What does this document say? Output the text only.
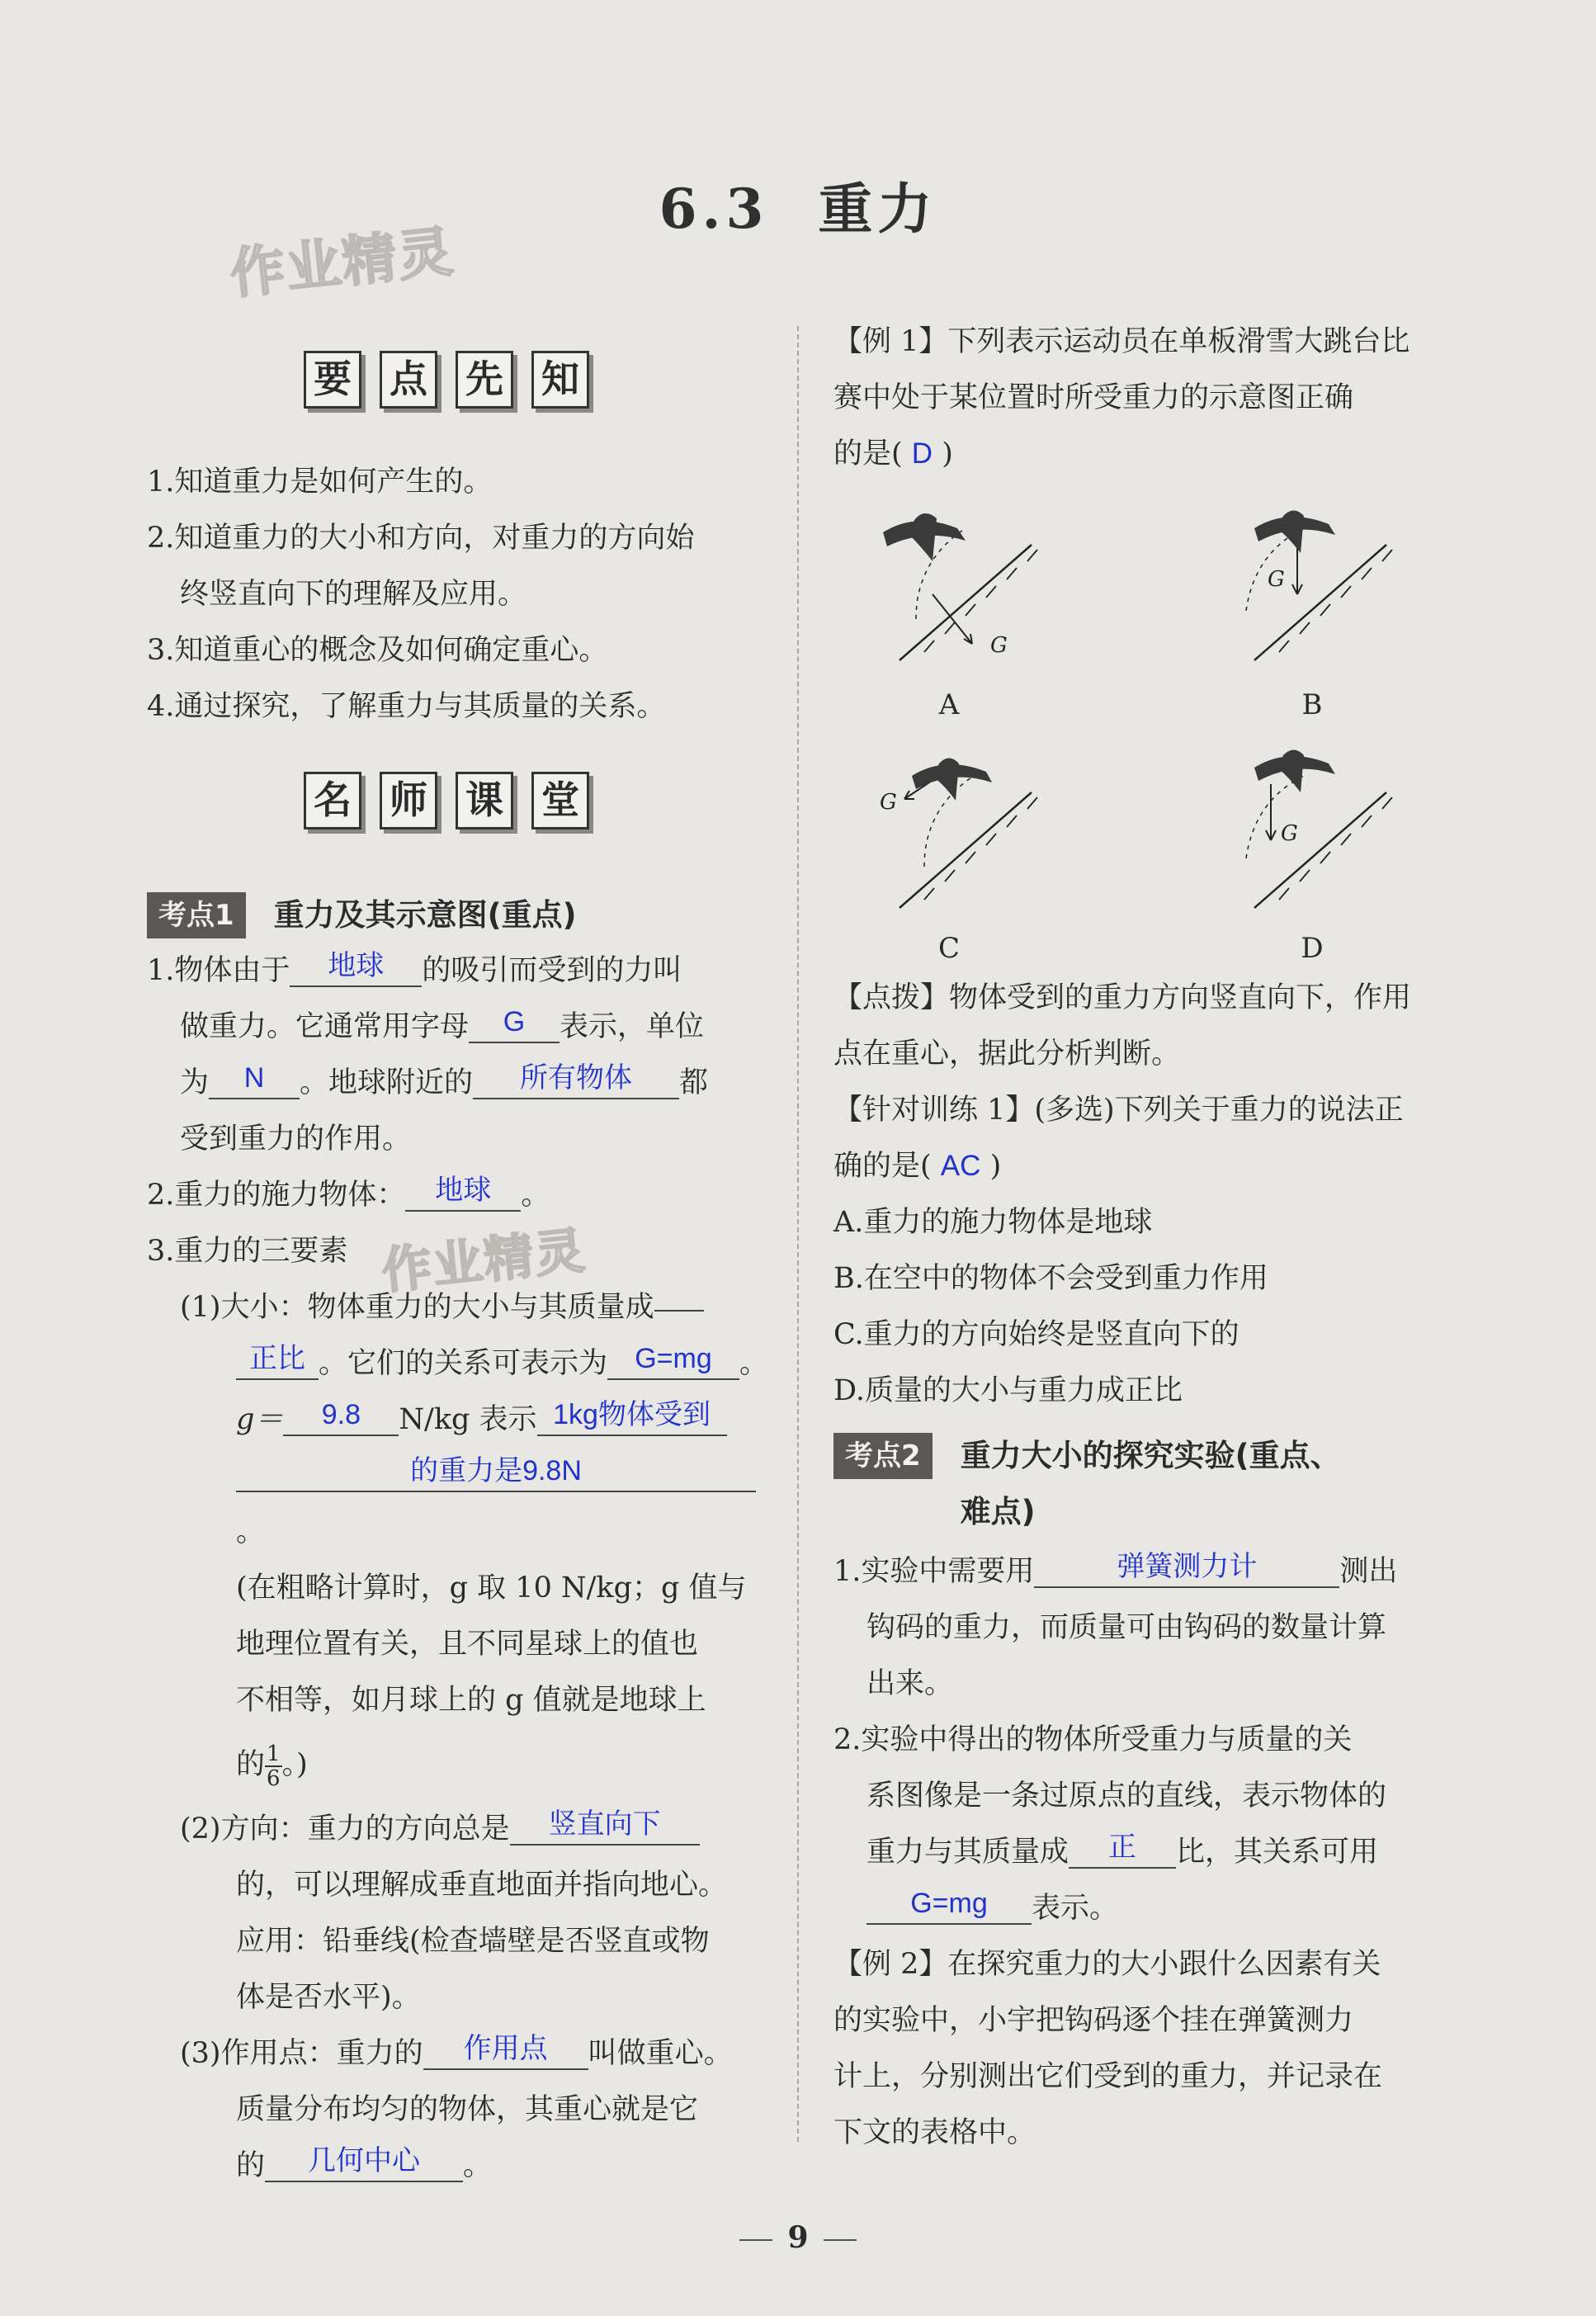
6.3 重力
作业精灵
作业精灵
要 点 先 知
1.知道重力是如何产生的。
2.知道重力的大小和方向，对重力的方向始
终竖直向下的理解及应用。
3.知道重心的概念及如何确定重心。
4.通过探究，了解重力与其质量的关系。
名 师 课 堂
考点1	重力及其示意图(重点)
1.物体由于 地球 的吸引而受到的力叫
做重力。它通常用字母 G 表示，单位
为 N 。地球附近的 所有物体 都
受到重力的作用。
2.重力的施力物体： 地球 。
3.重力的三要素
(1)大小：物体重力的大小与其质量成
正比 。它们的关系可表示为 G=mg 。
g＝ 9.8 N/kg 表示 1kg物体受到
的重力是9.8N。
(在粗略计算时，g 取 10 N/kg；g 值与
地理位置有关，且不同星球上的值也
不相等，如月球上的 g 值就是地球上
的 $\frac{1}{6}$ 。)
(2)方向：重力的方向总是 竖直向下
的，可以理解成垂直地面并指向地心。
应用：铅垂线(检查墙壁是否竖直或物
体是否水平)。
(3)作用点：重力的 作用点 叫做重心。
质量分布均匀的物体，其重心就是它
的 几何中心 。
【例 1】下列表示运动员在单板滑雪大跳台比
赛中处于某位置时所受重力的示意图正确
的是( D )
G
A
G
B
G
C
G
D
【点拨】物体受到的重力方向竖直向下，作用
点在重心，据此分析判断。
【针对训练 1】(多选)下列关于重力的说法正
确的是( AC )
A.重力的施力物体是地球
B.在空中的物体不会受到重力作用
C.重力的方向始终是竖直向下的
D.质量的大小与重力成正比
考点2	重力大小的探究实验(重点、
难点)
1.实验中需要用	弹簧测力计	测出
钩码的重力，而质量可由钩码的数量计算
出来。
2.实验中得出的物体所受重力与质量的关
系图像是一条过原点的直线，表示物体的
重力与其质量成 正 比，其关系可用
G=mg 表示。
【例 2】在探究重力的大小跟什么因素有关
的实验中，小宇把钩码逐个挂在弹簧测力
计上，分别测出它们受到的重力，并记录在
下文的表格中。
9
